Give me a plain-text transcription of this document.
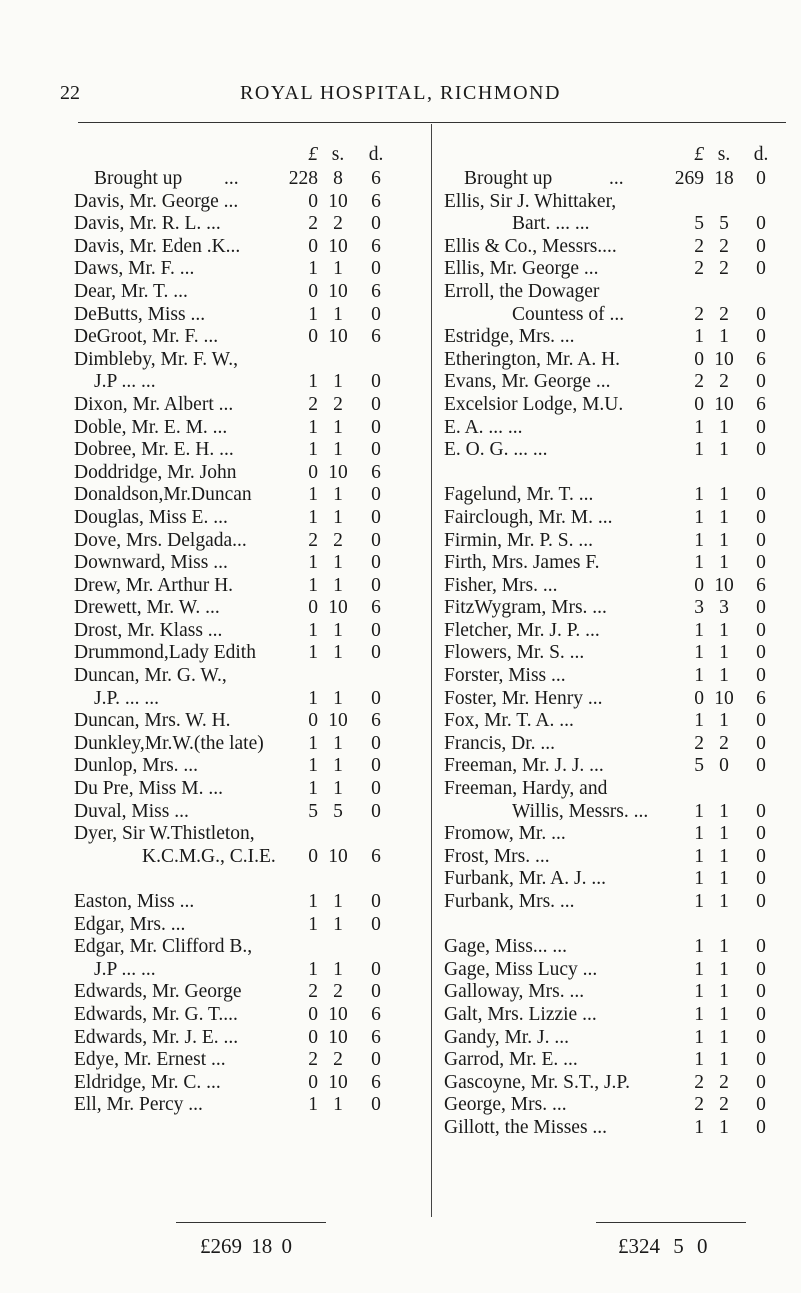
22	ROYAL HOSPITAL, RICHMOND
£ s.	d.
Brought up ...	228 8	6
Davis, Mr. George ...	0 10	6
Davis, Mr. R. L. ...	2 2	0
Davis, Mr. Eden .K...	0 10	6
Daws, Mr. F. ...	1 1	0
Dear, Mr. T. ...	0 10	6
DeButts, Miss ...	1 1	0
DeGroot, Mr. F. ...	0 10	6
Dimbleby, Mr. F. W.,
J.P ... ...	1 1	0
Dixon, Mr. Albert ...	2 2	0
Doble, Mr. E. M. ...	1 1	0
Dobree, Mr. E. H. ...	1 1	0
Doddridge, Mr. John	0 10	6
Donaldson,Mr.Duncan	1 1	0
Douglas, Miss E. ...	1 1	0
Dove, Mrs. Delgada...	2 2	0
Downward, Miss ...	1 1	0
Drew, Mr. Arthur H.	1 1	0
Drewett, Mr. W. ...	0 10	6
Drost, Mr. Klass ...	1 1	0
Drummond,Lady Edith	1 1	0
Duncan, Mr. G. W.,
J.P. ... ...	1 1	0
Duncan, Mrs. W. H.	0 10	6
Dunkley,Mr.W.(the late)	1 1	0
Dunlop, Mrs. ...	1 1	0
Du Pre, Miss M. ...	1 1	0
Duval, Miss ...	5 5	0
Dyer, Sir W.Thistleton,
K.C.M.G., C.I.E.	0 10	6
Easton, Miss ...	1 1	0
Edgar, Mrs. ...	1 1	0
Edgar, Mr. Clifford B.,
J.P ... ...	1 1	0
Edwards, Mr. George	2 2	0
Edwards, Mr. G. T....	0 10	6
Edwards, Mr. J. E. ...	0 10	6
Edye, Mr. Ernest ...	2 2	0
Eldridge, Mr. C. ...	0 10	6
Ell, Mr. Percy ...	1 1	0
£ s.	d.
Brought up	...	269 18	0
Ellis, Sir J. Whittaker,
Bart. ... ...	5 5	0
Ellis & Co., Messrs....	2 2	0
Ellis, Mr. George ...	2 2	0
Erroll, the Dowager
Countess of ...	2 2	0
Estridge, Mrs. ...	1 1	0
Etherington, Mr. A. H.	0 10	6
Evans, Mr. George ...	2 2	0
Excelsior Lodge, M.U.	0 10	6
E. A. ... ...	1 1	0
E. O. G. ... ...	1 1	0
Fagelund, Mr. T. ...	1 1	0
Fairclough, Mr. M. ...	1 1	0
Firmin, Mr. P. S. ...	1 1	0
Firth, Mrs. James F.	1 1	0
Fisher, Mrs. ...	0 10	6
FitzWygram, Mrs. ...	3 3	0
Fletcher, Mr. J. P. ...	1 1	0
Flowers, Mr. S. ...	1 1	0
Forster, Miss ...	1 1	0
Foster, Mr. Henry ...	0 10	6
Fox, Mr. T. A. ...	1 1	0
Francis, Dr. ...	2 2	0
Freeman, Mr. J. J. ...	5 0	0
Freeman, Hardy, and
Willis, Messrs. ...	1 1	0
Fromow, Mr. ...	1 1	0
Frost, Mrs. ...	1 1	0
Furbank, Mr. A. J. ...	1 1	0
Furbank, Mrs. ...	1 1	0
Gage, Miss... ...	1 1	0
Gage, Miss Lucy ...	1 1	0
Galloway, Mrs. ...	1 1	0
Galt, Mrs. Lizzie ...	1 1	0
Gandy, Mr. J. ...	1 1	0
Garrod, Mr. E. ...	1 1	0
Gascoyne, Mr. S.T., J.P.	2 2	0
George, Mrs. ...	2 2	0
Gillott, the Misses ...	1 1	0
£269 18 0	£324 5 0
